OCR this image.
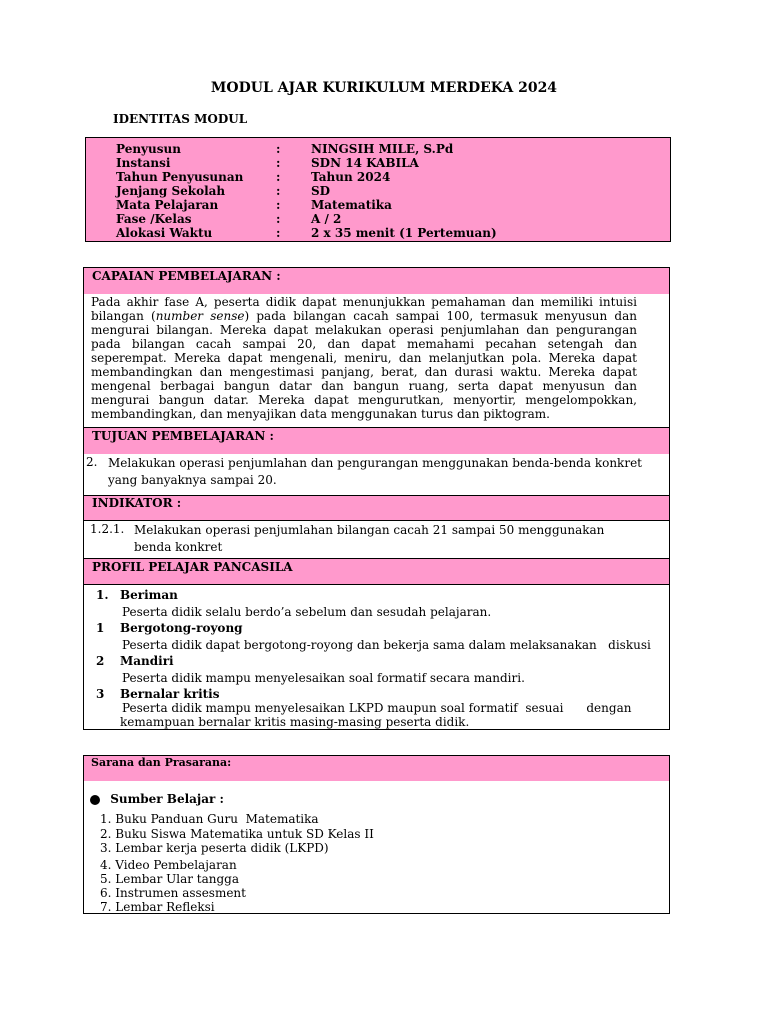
MODUL AJAR KURIKULUM MERDEKA 2024
IDENTITAS MODUL
Penyusun	:	NINGSIH MILE, S.Pd
Instansi	:	SDN 14 KABILA
Tahun Penyusunan	:	Tahun 2024
Jenjang Sekolah	:	SD
Mata Pelajaran	:	Matematika
Fase /Kelas	:	A / 2
Alokasi Waktu	:	2 x 35 menit (1 Pertemuan)
CAPAIAN PEMBELAJARAN :
Pada akhir fase A, peserta didik dapat menunjukkan pemahaman dan memiliki intuisi bilangan (number sense) pada bilangan cacah sampai 100, termasuk menyusun dan mengurai bilangan. Mereka dapat melakukan operasi penjumlahan dan pengurangan pada bilangan cacah sampai 20, dan dapat memahami pecahan setengah dan seperempat. Mereka dapat mengenali, meniru, dan melanjutkan pola. Mereka dapat membandingkan dan mengestimasi panjang, berat, dan durasi waktu. Mereka dapat mengenal berbagai bangun datar dan bangun ruang, serta dapat menyusun dan mengurai bangun datar. Mereka dapat mengurutkan, menyortir, mengelompokkan, membandingkan, dan menyajikan data menggunakan turus dan piktogram.
TUJUAN PEMBELAJARAN :
2. Melakukan operasi penjumlahan dan pengurangan menggunakan benda-benda konkret yang banyaknya sampai 20.
INDIKATOR :
1.2.1. Melakukan operasi penjumlahan bilangan cacah 21 sampai 50 menggunakan benda konkret
PROFIL PELAJAR PANCASILA
1. Beriman
Peserta didik selalu berdo’a sebelum dan sesudah pelajaran.
1 Bergotong-royong
Peserta didik dapat bergotong-royong dan bekerja sama dalam melaksanakan   diskusi
2 Mandiri
Peserta didik mampu menyelesaikan soal formatif secara mandiri.
3 Bernalar kritis
Peserta didik mampu menyelesaikan LKPD maupun soal formatif  sesuai      dengan
kemampuan bernalar kritis masing-masing peserta didik.
Sarana dan Prasarana:
Sumber Belajar :
1. Buku Panduan Guru  Matematika
2. Buku Siswa Matematika untuk SD Kelas II
3. Lembar kerja peserta didik (LKPD)
4. Video Pembelajaran
5. Lembar Ular tangga
6. Instrumen assesment
7. Lembar Refleksi
